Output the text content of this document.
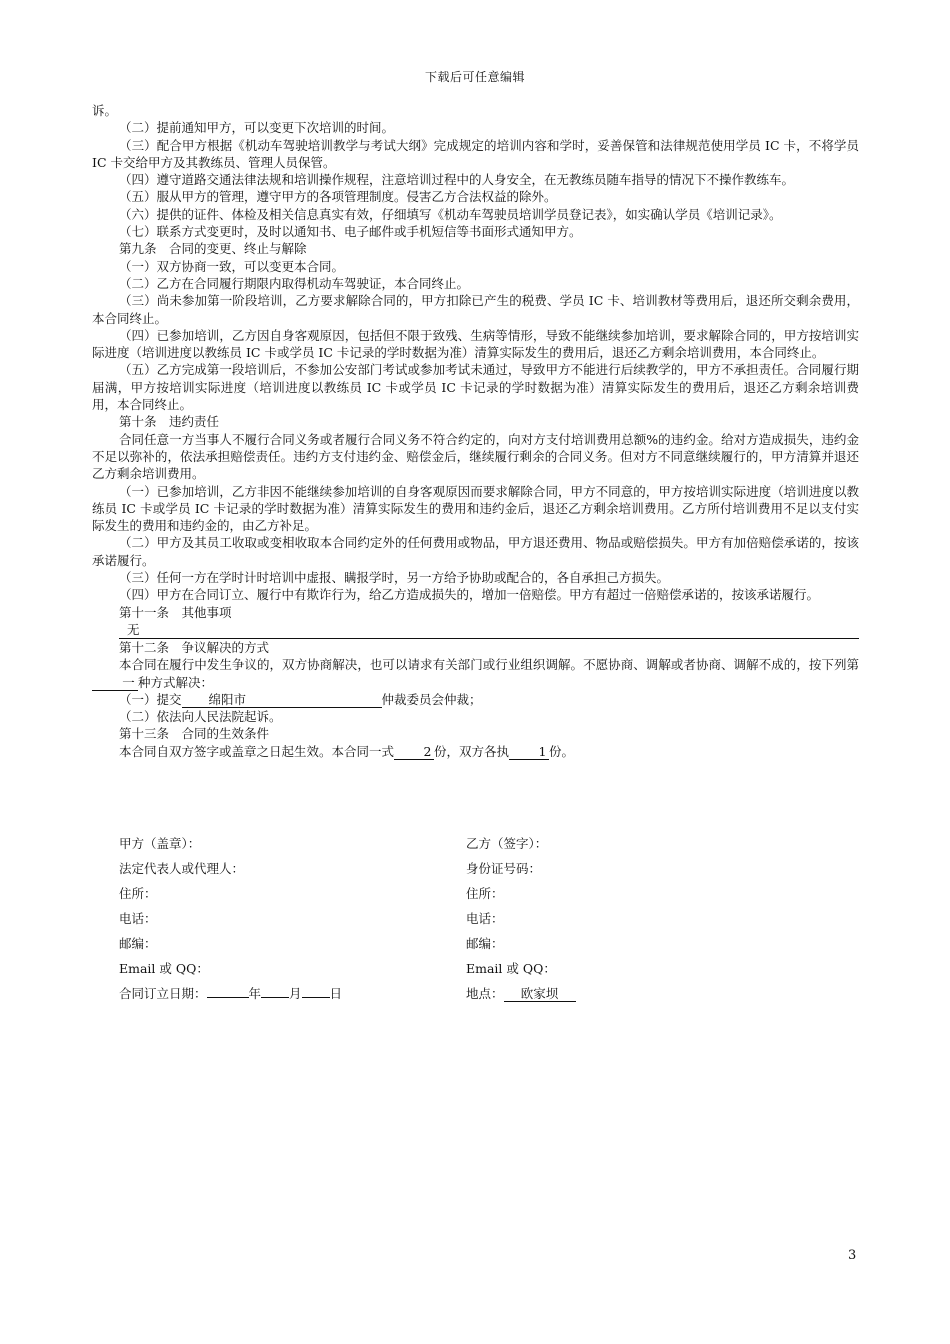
下载后可任意编辑

诉。

（二）提前通知甲方，可以变更下次培训的时间。

（三）配合甲方根据《机动车驾驶培训教学与考试大纲》完成规定的培训内容和学时，妥善保管和法律规范使用学员 IC 卡，不将学员 IC 卡交给甲方及其教练员、管理人员保管。

（四）遵守道路交通法律法规和培训操作规程，注意培训过程中的人身安全，在无教练员随车指导的情况下不操作教练车。

（五）服从甲方的管理，遵守甲方的各项管理制度。侵害乙方合法权益的除外。

（六）提供的证件、体检及相关信息真实有效，仔细填写《机动车驾驶员培训学员登记表》，如实确认学员《培训记录》。

（七）联系方式变更时，及时以通知书、电子邮件或手机短信等书面形式通知甲方。

第九条　合同的变更、终止与解除

（一）双方协商一致，可以变更本合同。

（二）乙方在合同履行期限内取得机动车驾驶证，本合同终止。

（三）尚未参加第一阶段培训，乙方要求解除合同的，甲方扣除已产生的税费、学员 IC 卡、培训教材等费用后，退还所交剩余费用，本合同终止。

（四）已参加培训，乙方因自身客观原因，包括但不限于致残、生病等情形，导致不能继续参加培训，要求解除合同的，甲方按培训实际进度（培训进度以教练员 IC 卡或学员 IC 卡记录的学时数据为准）清算实际发生的费用后，退还乙方剩余培训费用，本合同终止。

（五）乙方完成第一段培训后，不参加公安部门考试或参加考试未通过，导致甲方不能进行后续教学的，甲方不承担责任。合同履行期届满，甲方按培训实际进度（培训进度以教练员 IC 卡或学员 IC 卡记录的学时数据为准）清算实际发生的费用后，退还乙方剩余培训费用，本合同终止。

第十条　违约责任

合同任意一方当事人不履行合同义务或者履行合同义务不符合约定的，向对方支付培训费用总额%的违约金。给对方造成损失，违约金不足以弥补的，依法承担赔偿责任。违约方支付违约金、赔偿金后，继续履行剩余的合同义务。但对方不同意继续履行的，甲方清算并退还乙方剩余培训费用。

（一）已参加培训，乙方非因不能继续参加培训的自身客观原因而要求解除合同，甲方不同意的，甲方按培训实际进度（培训进度以教练员 IC 卡或学员 IC 卡记录的学时数据为准）清算实际发生的费用和违约金后，退还乙方剩余培训费用。乙方所付培训费用不足以支付实际发生的费用和违约金的，由乙方补足。

（二）甲方及其员工收取或变相收取本合同约定外的任何费用或物品，甲方退还费用、物品或赔偿损失。甲方有加倍赔偿承诺的，按该承诺履行。

（三）任何一方在学时计时培训中虚报、瞒报学时，另一方给予协助或配合的，各自承担己方损失。

（四）甲方在合同订立、履行中有欺诈行为，给乙方造成损失的，增加一倍赔偿。甲方有超过一倍赔偿承诺的，按该承诺履行。

第十一条　其他事项

无

第十二条　争议解决的方式

本合同在履行中发生争议的，双方协商解决，也可以请求有关部门或行业组织调解。不愿协商、调解或者协商、调解不成的，按下列第一 种方式解决：

（一）提交 绵阳市	仲裁委员会仲裁；

（二）依法向人民法院起诉。

第十三条　合同的生效条件

本合同自双方签字或盖章之日起生效。本合同一式 2 份，双方各执 1 份。

甲方（盖章）：	乙方（签字）：
法定代表人或代理人：	身份证号码：
住所：	住所：
电话：	电话：
邮编：	邮编：
Email 或 QQ：	Email 或 QQ：
合同订立日期：	年 月 日	地点： 欧家坝
3
